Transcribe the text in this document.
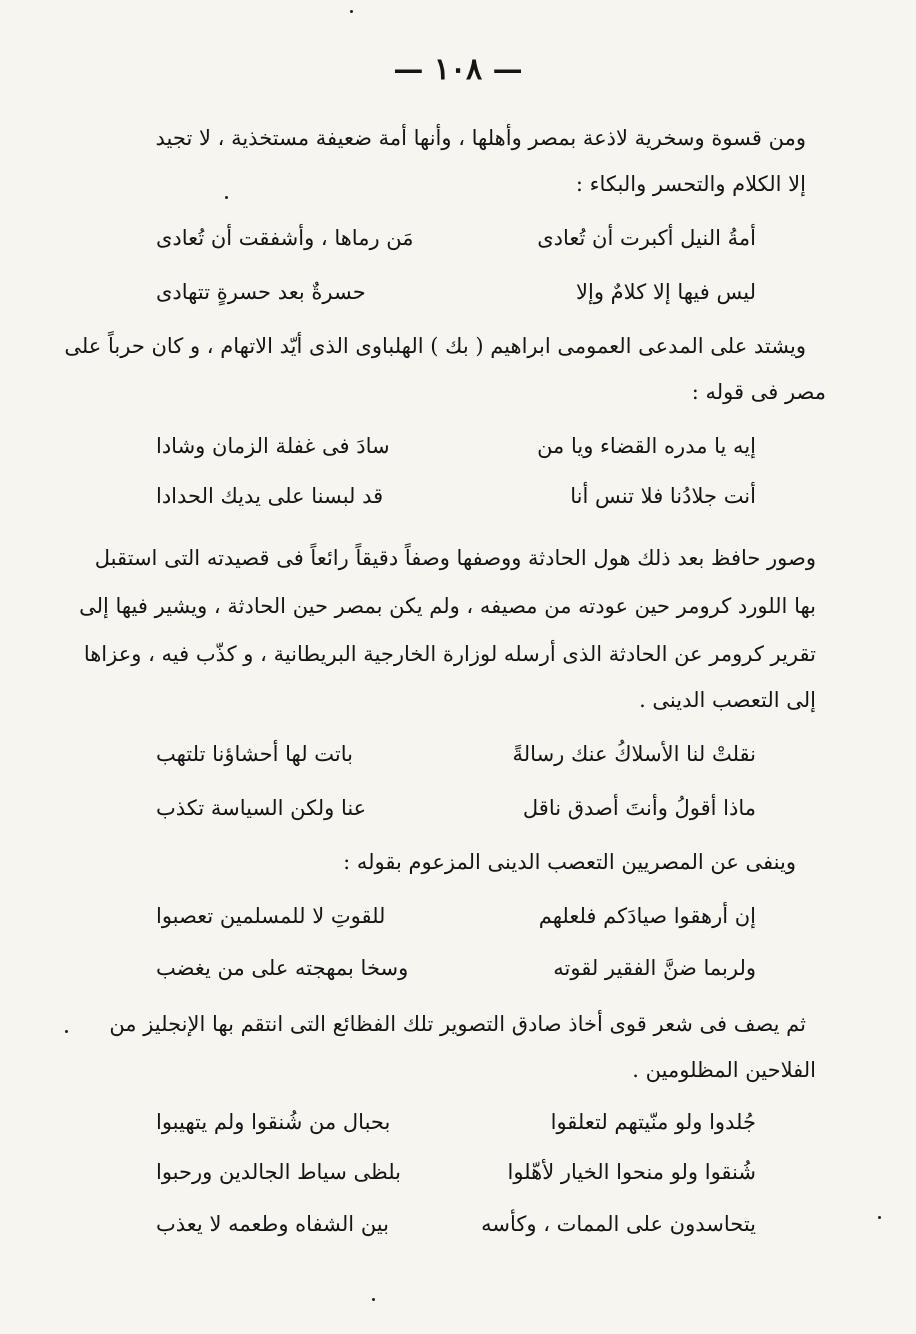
— ١٠٨ —
ومن قسوة وسخرية لاذعة بمصر وأهلها ، وأنها أمة ضعيفة مستخذية ، لا تجيد
إلا الكلام والتحسر والبكاء :
أمةُ النيل أكبرت أن تُعادى
مَن رماها ، وأشفقت أن تُعادى
ليس فيها إلا كلامٌ وإلا
حسرةٌ بعد حسرةٍ تتهادى
ويشتد على المدعى العمومى ابراهيم ( بك ) الهلباوى الذى أيّد الاتهام ، و كان حرباً على
مصر فى قوله :
إيه يا مدره القضاء ويا من
سادَ فى غفلة الزمان وشادا
أنت جلادُنا فلا تنس أنا
قد لبسنا على يديك الحدادا
وصور حافظ بعد ذلك هول الحادثة ووصفها وصفاً دقيقاً رائعاً فى قصيدته التى استقبل
بها اللورد كرومر حين عودته من مصيفه ، ولم يكن بمصر حين الحادثة ، ويشير فيها إلى
تقرير كرومر عن الحادثة الذى أرسله لوزارة الخارجية البريطانية ، و كذّب فيه ، وعزاها
إلى التعصب الدينى .
نقلتْ لنا الأسلاكُ عنك رسالةً
باتت لها أحشاؤنا تلتهب
ماذا أقولُ وأنتَ أصدق ناقل
عنا ولكن السياسة تكذب
وينفى عن المصريين التعصب الدينى المزعوم بقوله :
إن أرهقوا صيادَكم فلعلهم
للقوتِ لا للمسلمين تعصبوا
ولربما ضنَّ الفقير لقوته
وسخا بمهجته على من يغضب
ثم يصف فى شعر قوى أخاذ صادق التصوير تلك الفظائع التى انتقم بها الإنجليز من
الفلاحين المظلومين .
جُلدوا ولو منّيتهم لتعلقوا
بحبال من شُنقوا ولم يتهيبوا
شُنقوا ولو منحوا الخيار لأهّلوا
بلظى سياط الجالدين ورحبوا
يتحاسدون على الممات ، وكأسه
بين الشفاه وطعمه لا يعذب
